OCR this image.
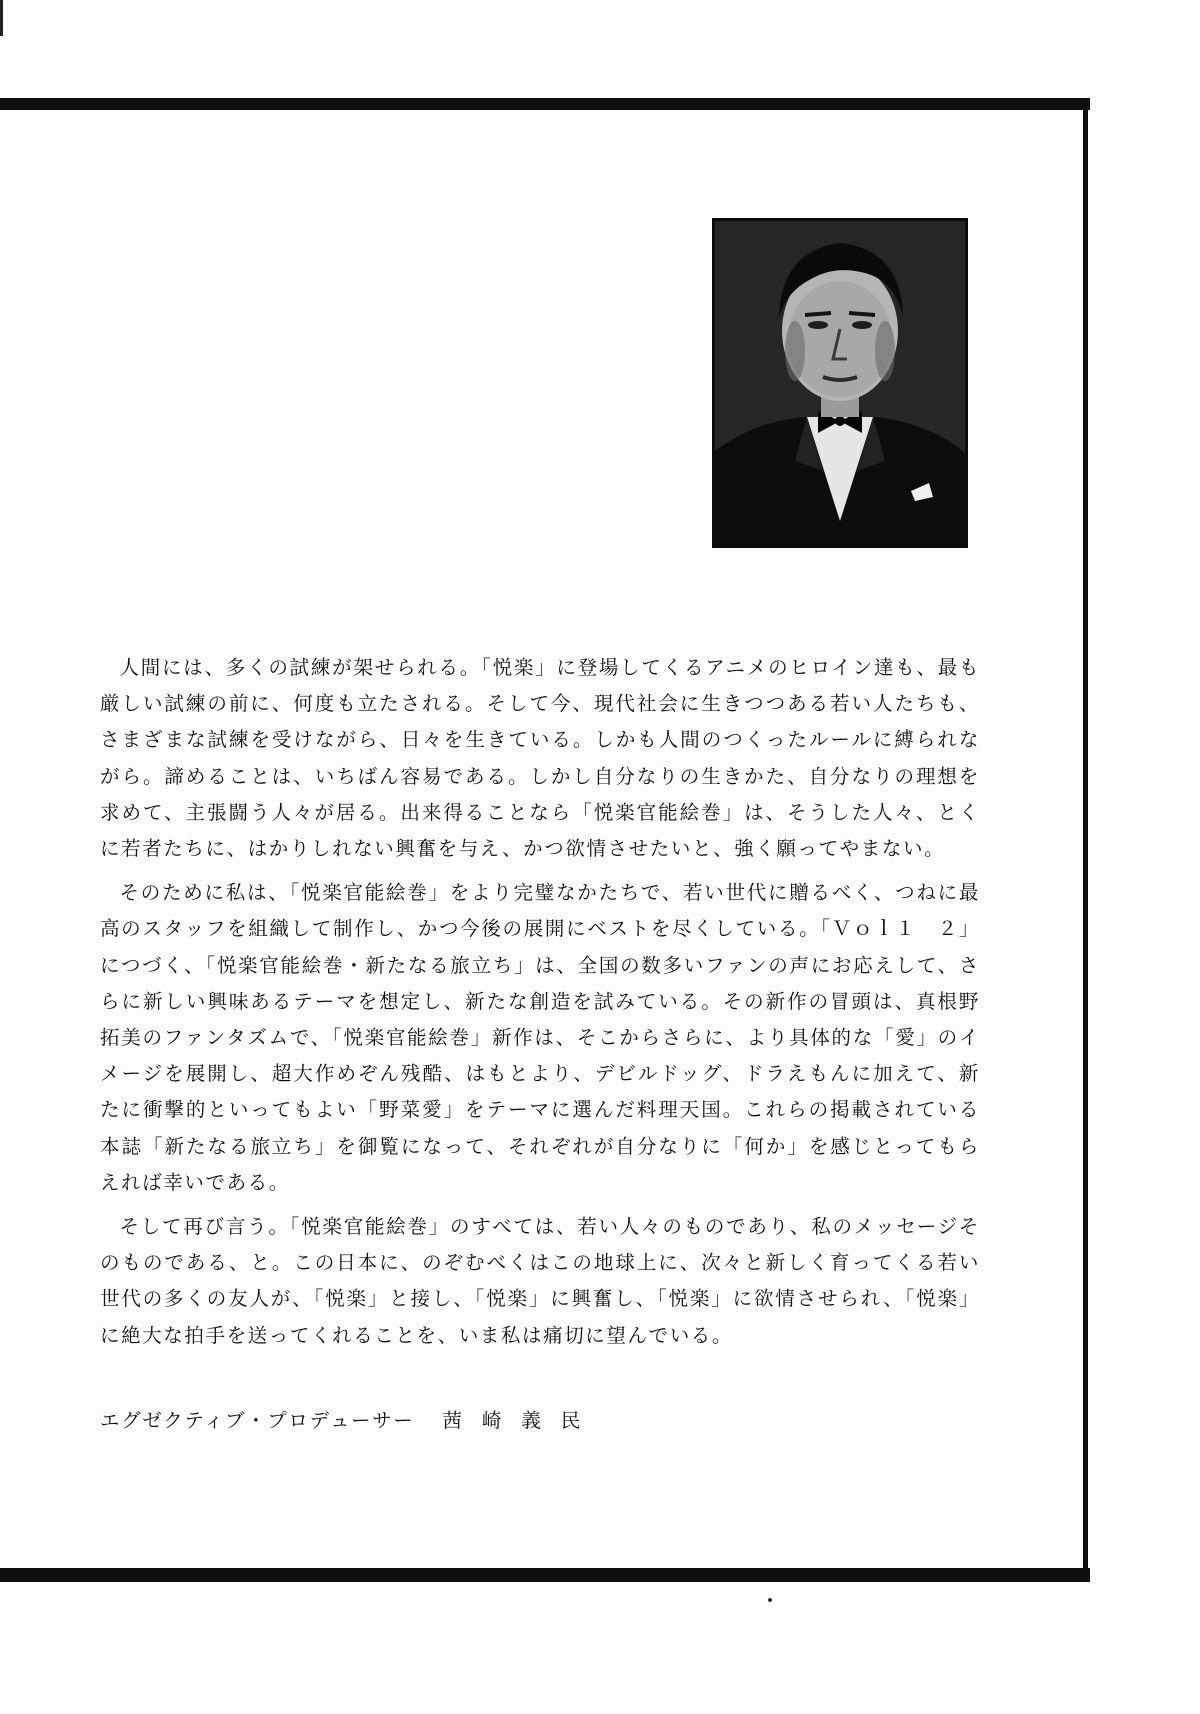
人間には、多くの試練が架せられる。「悦楽」に登場してくるアニメのヒロイン達も、最も厳しい試練の前に、何度も立たされる。そして今、現代社会に生きつつある若い人たちも、さまざまな試練を受けながら、日々を生きている。しかも人間のつくったルールに縛られながら。諦めることは、いちばん容易である。しかし自分なりの生きかた、自分なりの理想を求めて、主張闘う人々が居る。出来得ることなら「悦楽官能絵巻」は、そうした人々、とくに若者たちに、はかりしれない興奮を与え、かつ欲情させたいと、強く願ってやまない。

そのために私は、「悦楽官能絵巻」をより完璧なかたちで、若い世代に贈るべく、つねに最高のスタッフを組織して制作し、かつ今後の展開にベストを尽くしている。「Ｖｏｌ１　２」につづく、「悦楽官能絵巻・新たなる旅立ち」は、全国の数多いファンの声にお応えして、さらに新しい興味あるテーマを想定し、新たな創造を試みている。その新作の冒頭は、真根野拓美のファンタズムで、「悦楽官能絵巻」新作は、そこからさらに、より具体的な「愛」のイメージを展開し、超大作めぞん残酷、はもとより、デビルドッグ、ドラえもんに加えて、新たに衝撃的といってもよい「野菜愛」をテーマに選んだ料理天国。これらの掲載されている本誌「新たなる旅立ち」を御覧になって、それぞれが自分なりに「何か」を感じとってもらえれば幸いである。

そして再び言う。「悦楽官能絵巻」のすべては、若い人々のものであり、私のメッセージそのものである、と。この日本に、のぞむべくはこの地球上に、次々と新しく育ってくる若い世代の多くの友人が、「悦楽」と接し、「悦楽」に興奮し、「悦楽」に欲情させられ、「悦楽」に絶大な拍手を送ってくれることを、いま私は痛切に望んでいる。

エグゼクティブ・プロデューサー 茜崎義民
